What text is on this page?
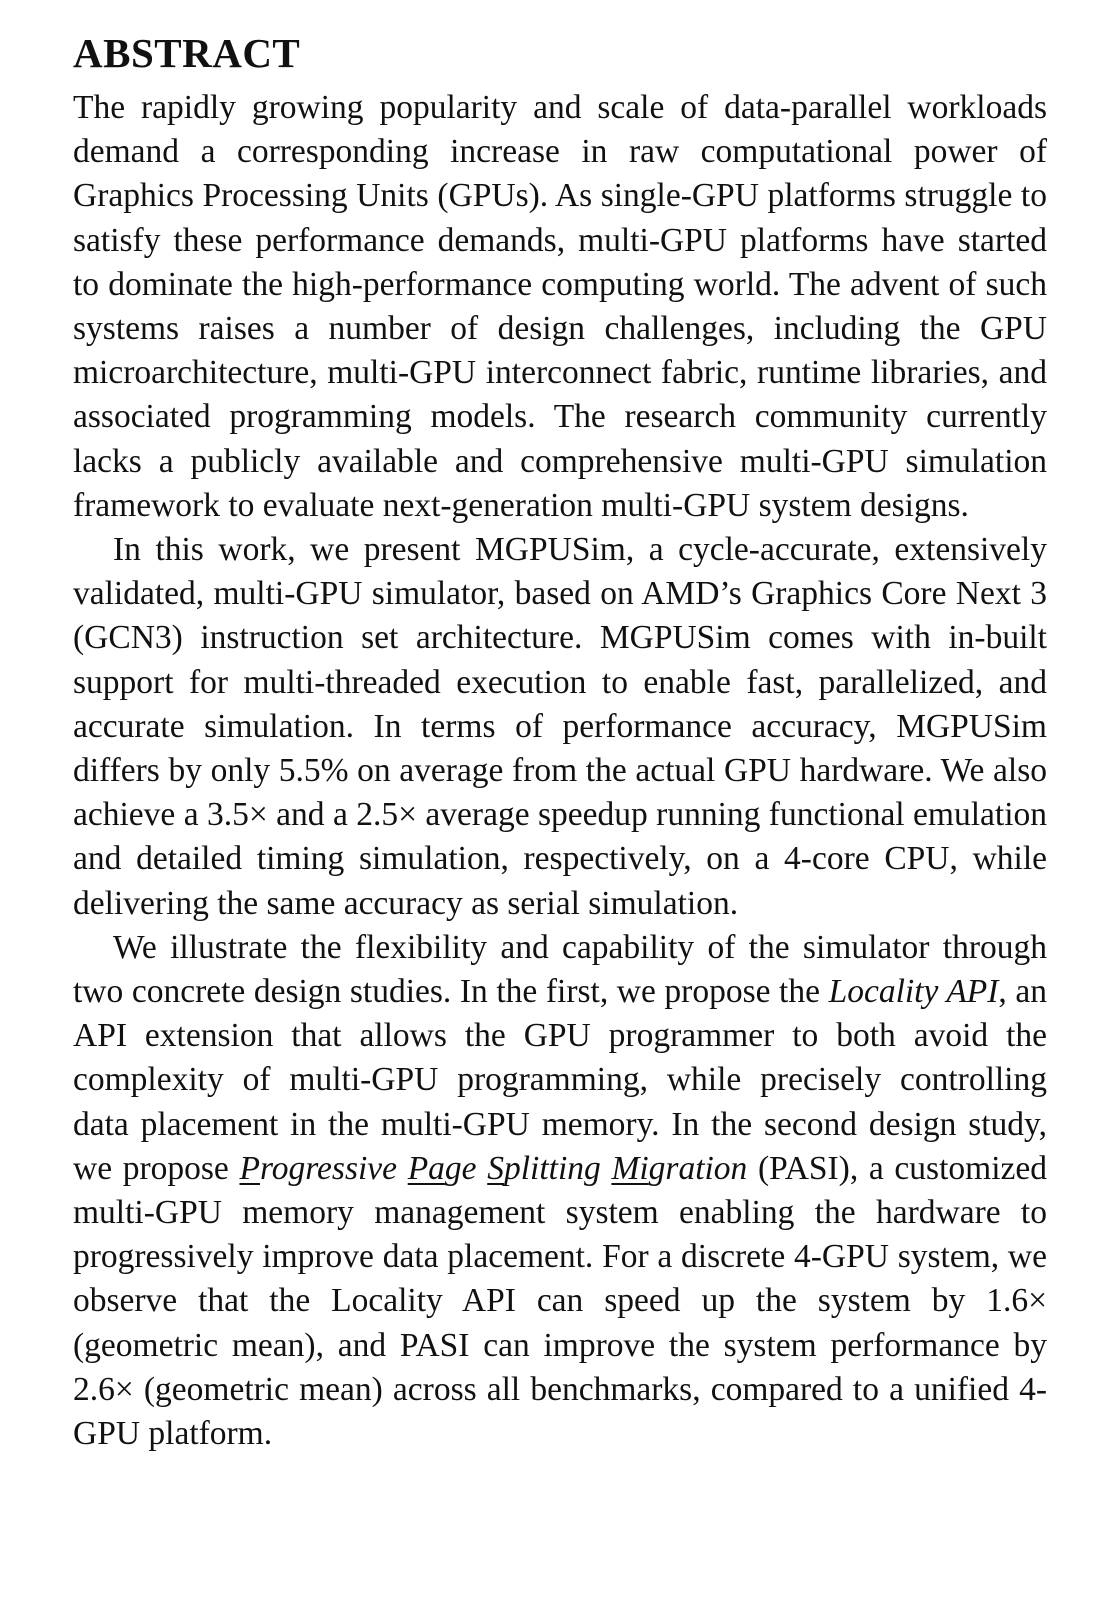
ABSTRACT

The rapidly growing popularity and scale of data-parallel workloads demand a corresponding increase in raw computational power of Graphics Processing Units (GPUs). As single-GPU platforms struggle to satisfy these performance demands, multi-GPU platforms have started to dominate the high-performance computing world. The advent of such systems raises a number of design challenges, including the GPU microarchitecture, multi-GPU interconnect fabric, runtime libraries, and associated programming models. The research community currently lacks a publicly available and comprehensive multi-GPU simulation framework to evaluate next-generation multi-GPU system designs.

In this work, we present MGPUSim, a cycle-accurate, extensively validated, multi-GPU simulator, based on AMD’s Graphics Core Next 3 (GCN3) instruction set architecture. MGPUSim comes with in-built support for multi-threaded execution to enable fast, parallelized, and accurate simulation. In terms of performance accuracy, MGPUSim differs by only 5.5% on average from the actual GPU hardware. We also achieve a 3.5× and a 2.5× average speedup running functional emulation and detailed timing simulation, respectively, on a 4-core CPU, while delivering the same accuracy as serial simulation.

We illustrate the flexibility and capability of the simulator through two concrete design studies. In the first, we propose the Locality API, an API extension that allows the GPU programmer to both avoid the complexity of multi-GPU programming, while precisely controlling data placement in the multi-GPU memory. In the second design study, we propose Progressive Page Splitting Migration (PASI), a customized multi-GPU memory management system enabling the hardware to progressively improve data placement. For a discrete 4-GPU system, we observe that the Locality API can speed up the system by 1.6× (geometric mean), and PASI can improve the system performance by 2.6× (geometric mean) across all benchmarks, compared to a unified 4-GPU platform.
